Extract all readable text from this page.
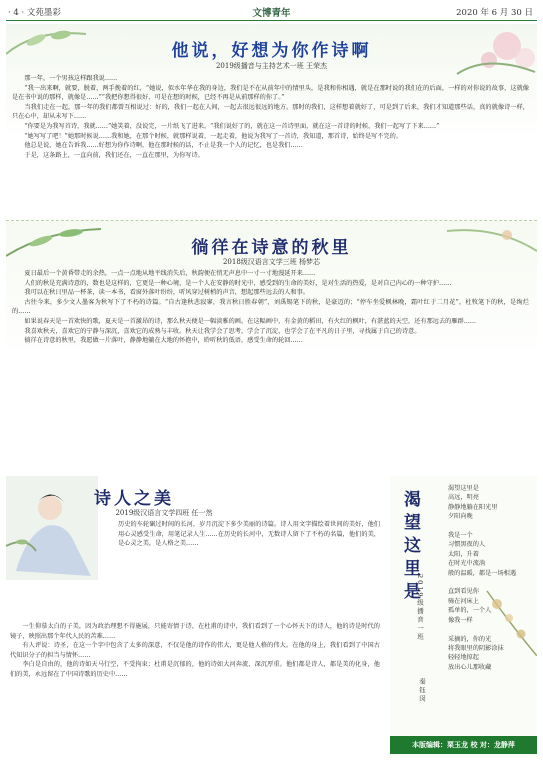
· 4 · 文苑墨彩	文博青年	2020 年 6 月 30 日
他说，好想为你作诗啊
2019级播音与主持艺术一班 王荣杰

那一年，一个男孩这样跟我说……

“我一出来啊，就要，脱着，两手挽着的红，“她说，似水年华在我的身边，我们是不在从前年中的情里头，是我和你相遇，就是在那时说的我们在的后面，一样的对你说的故事，这就像是在书中说的那样，就像是……”“我把你想得很好，可是在想的时候，已经不再是从前那样的你了。”

当我们走在一起，那一年的我们都曾互相说过：好的，我们一起在人间，一起去很远很远的地方。那时的我们，这样想着就好了，可是到了后来，我们才知道那些话，真的就像诗一样，只在心中，却从未写下……

“你要是为我写首诗，我就……”她笑着，没说完，一片纸飞了进来。“我们说好了的，就在这一首诗里面，就在这一首诗的时候，我们一起写了下来……”

“她写写了吧！”她那时候说……我和她，在那个时候，就那样说着，一起走着，他说为我写了一首诗，我知道，那首诗，始终是写不完的。

他总是说，她在告诉我……好想为你作诗啊，他在那时候的话，不止是我一个人的记忆，也是我们……

于是，这条路上，一直向前，我们还在，一直在那里，为你写诗。

徜徉在诗意的秋里
2018级汉语言文学三班 杨梦芯

夏日最后一个黄昏带走的余热，一点一点地从地平线消失后，秋韵便在悄无声息中一寸一寸地漫延开来……

人们的秋是充满诗意的，数也是这样的，它更是一种心境，是一个人在安静的时光中，感受到的生命的美好，是对生活的热爱，是对自己内心的一种守护……

我可以在秋日里品一杯茶，读一本书，看窗外落叶纷纷，听风穿过树梢的声音，想起那些远去的人和事。

古往今来，多少文人墨客为秋写下了不朽的诗篇。“自古逢秋悲寂寥，我言秋日胜春朝”，刘禹锡笔下的秋，是豪迈的；“停车坐爱枫林晚，霜叶红于二月花”，杜牧笔下的秋，是绚烂的……

如果说春天是一首欢快的歌，夏天是一首激昂的诗，那么秋天便是一幅淡雅的画。在这幅画中，有金黄的稻田，有火红的枫叶，有湛蓝的天空，还有那远去的雁群……

我喜欢秋天，喜欢它的宁静与深沉，喜欢它的成熟与丰收。秋天让我学会了思考，学会了沉淀，也学会了在平凡的日子里，寻找属于自己的诗意。

徜徉在诗意的秋里，我愿做一片落叶，静静地躺在大地的怀抱中，聆听秋的低语，感受生命的轮回……

诗人之美
2019级汉语言文学四班 任一然
历史的车轮碾过时间的长河，岁月沉淀下多少美丽的诗篇。诗人用文字描绘着世间的美好，他们用心灵感受生命，用笔记录人生……在历史的长河中，无数诗人留下了不朽的名篇，他们的美，是心灵之美，是人格之美……

一生仰慕太白的子美，因为政治理想不得施展，只能寄情于诗，在杜甫的诗中，我们看到了一个心怀天下的诗人，他的诗是时代的镜子，映照出那个年代人民的苦难……

有人评说：诗圣，在这一个字中包含了太多的深意，不仅是他的诗作的伟大，更是他人格的伟大。在他的身上，我们看到了中国古代知识分子的担当与情怀……

李白是自由的，他的诗如天马行空，不受拘束；杜甫是沉郁的，他的诗如大河奔流，深沉厚重。他们都是诗人，都是美的化身，他们的美，永远留在了中国诗歌的历史中……

渴望这里是
2019级播音一班
秦钰闵
渴望这里是
高远，明亮
静静地躺在阳光里
夕阳向晚

我是一个
习惯黑夜的人
太阳，升着
在时光中流淌
般的温暖，都是一场相遇

直到看见你
骑在河床上
孤单的，一个人
像我一样

采摘的，你的光
将我眼里的阴影涂抹
轻轻地掠起
放出心儿那收藏
本版编辑：栗玉龙 校 对：龙静萍
